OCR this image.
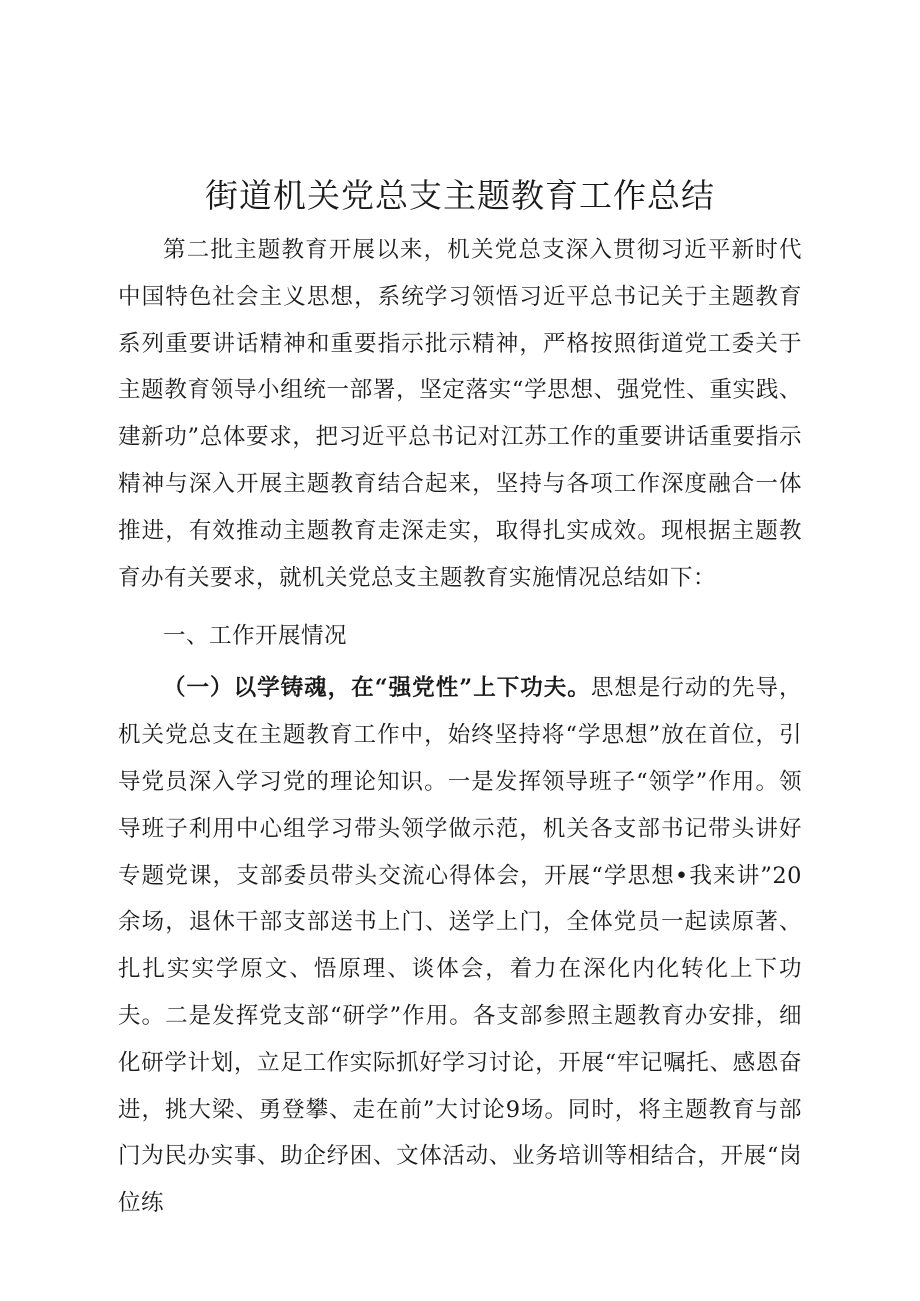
街道机关党总支主题教育工作总结

第二批主题教育开展以来，机关党总支深入贯彻习近平新时代中国特色社会主义思想，系统学习领悟习近平总书记关于主题教育系列重要讲话精神和重要指示批示精神，严格按照街道党工委关于主题教育领导小组统一部署，坚定落实“学思想、强党性、重实践、建新功”总体要求，把习近平总书记对江苏工作的重要讲话重要指示精神与深入开展主题教育结合起来，坚持与各项工作深度融合一体推进，有效推动主题教育走深走实，取得扎实成效。现根据主题教育办有关要求，就机关党总支主题教育实施情况总结如下：

一、工作开展情况

（一）以学铸魂，在“强党性”上下功夫。思想是行动的先导，机关党总支在主题教育工作中，始终坚持将“学思想”放在首位，引导党员深入学习党的理论知识。一是发挥领导班子“领学”作用。领导班子利用中心组学习带头领学做示范，机关各支部书记带头讲好专题党课，支部委员带头交流心得体会，开展“学思想•我来讲”20余场，退休干部支部送书上门、送学上门，全体党员一起读原著、扎扎实实学原文、悟原理、谈体会，着力在深化内化转化上下功夫。二是发挥党支部“研学”作用。各支部参照主题教育办安排，细化研学计划，立足工作实际抓好学习讨论，开展“牢记嘱托、感恩奋进，挑大梁、勇登攀、走在前”大讨论9场。同时，将主题教育与部门为民办实事、助企纾困、文体活动、业务培训等相结合，开展“岗位练
